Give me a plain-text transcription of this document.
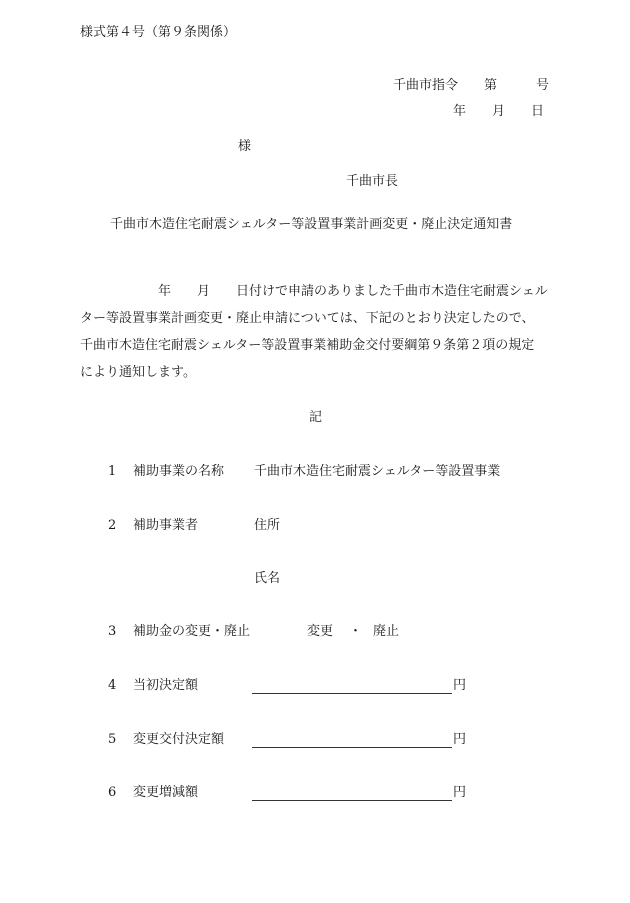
様式第４号（第９条関係）
千曲市指令　　第　　　号
年　　月　　日
様
千曲市長
千曲市木造住宅耐震シェルター等設置事業計画変更・廃止決定通知書
　　　　　　年　　月　　日付けで申請のありました千曲市木造住宅耐震シェル
ター等設置事業計画変更・廃止申請については、下記のとおり決定したので、
千曲市木造住宅耐震シェルター等設置事業補助金交付要綱第９条第２項の規定
により通知します。
記
1 補助事業の名称 千曲市木造住宅耐震シェルター等設置事業
2 補助事業者	住所
氏名
3 補助金の変更・廃止	変更 ・ 廃止
4 当初決定額	円
5 変更交付決定額	円
6 変更増減額	円
